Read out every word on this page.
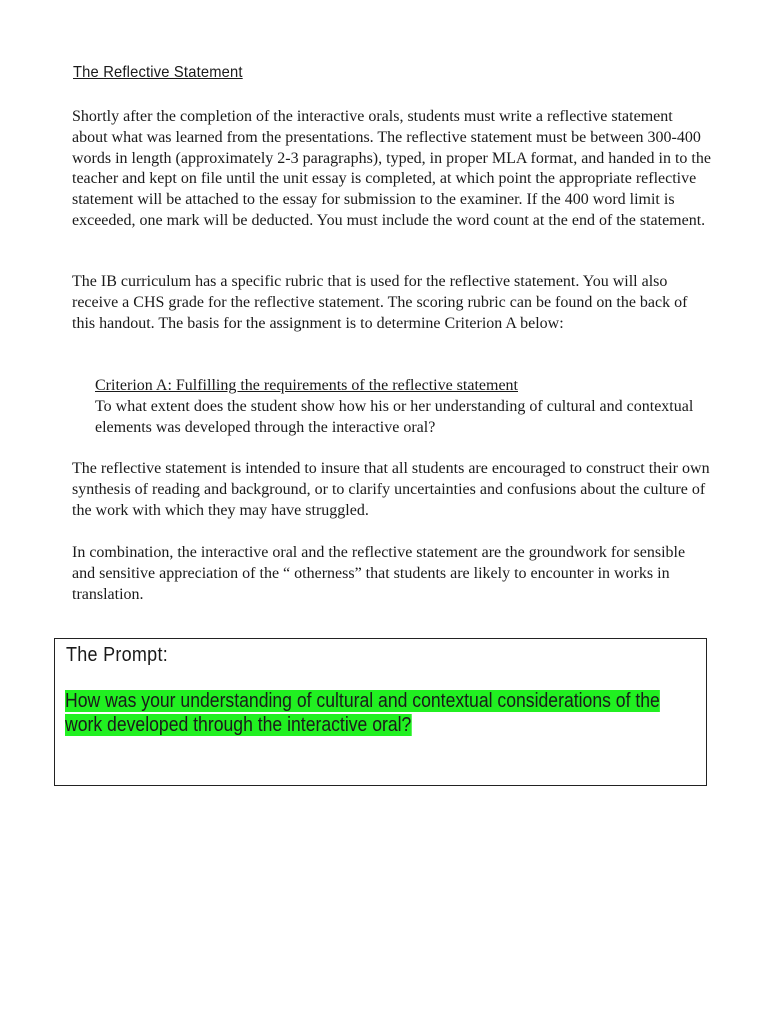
The Reflective Statement

Shortly after the completion of the interactive orals, students must write a reflective statement about what was learned from the presentations. The reflective statement must be between 300-400 words in length (approximately 2-3 paragraphs), typed, in proper MLA format, and handed in to the teacher and kept on file until the unit essay is completed, at which point the appropriate reflective statement will be attached to the essay for submission to the examiner. If the 400 word limit is exceeded, one mark will be deducted. You must include the word count at the end of the statement.

The IB curriculum has a specific rubric that is used for the reflective statement. You will also receive a CHS grade for the reflective statement. The scoring rubric can be found on the back of this handout. The basis for the assignment is to determine Criterion A below:

Criterion A: Fulfilling the requirements of the reflective statement
To what extent does the student show how his or her understanding of cultural and contextual elements was developed through the interactive oral?

The reflective statement is intended to insure that all students are encouraged to construct their own synthesis of reading and background, or to clarify uncertainties and confusions about the culture of the work with which they may have struggled.

In combination, the interactive oral and the reflective statement are the groundwork for sensible and sensitive appreciation of the “ otherness” that students are likely to encounter in works in translation.

The Prompt:
How was your understanding of cultural and contextual considerations of the work developed through the interactive oral?
